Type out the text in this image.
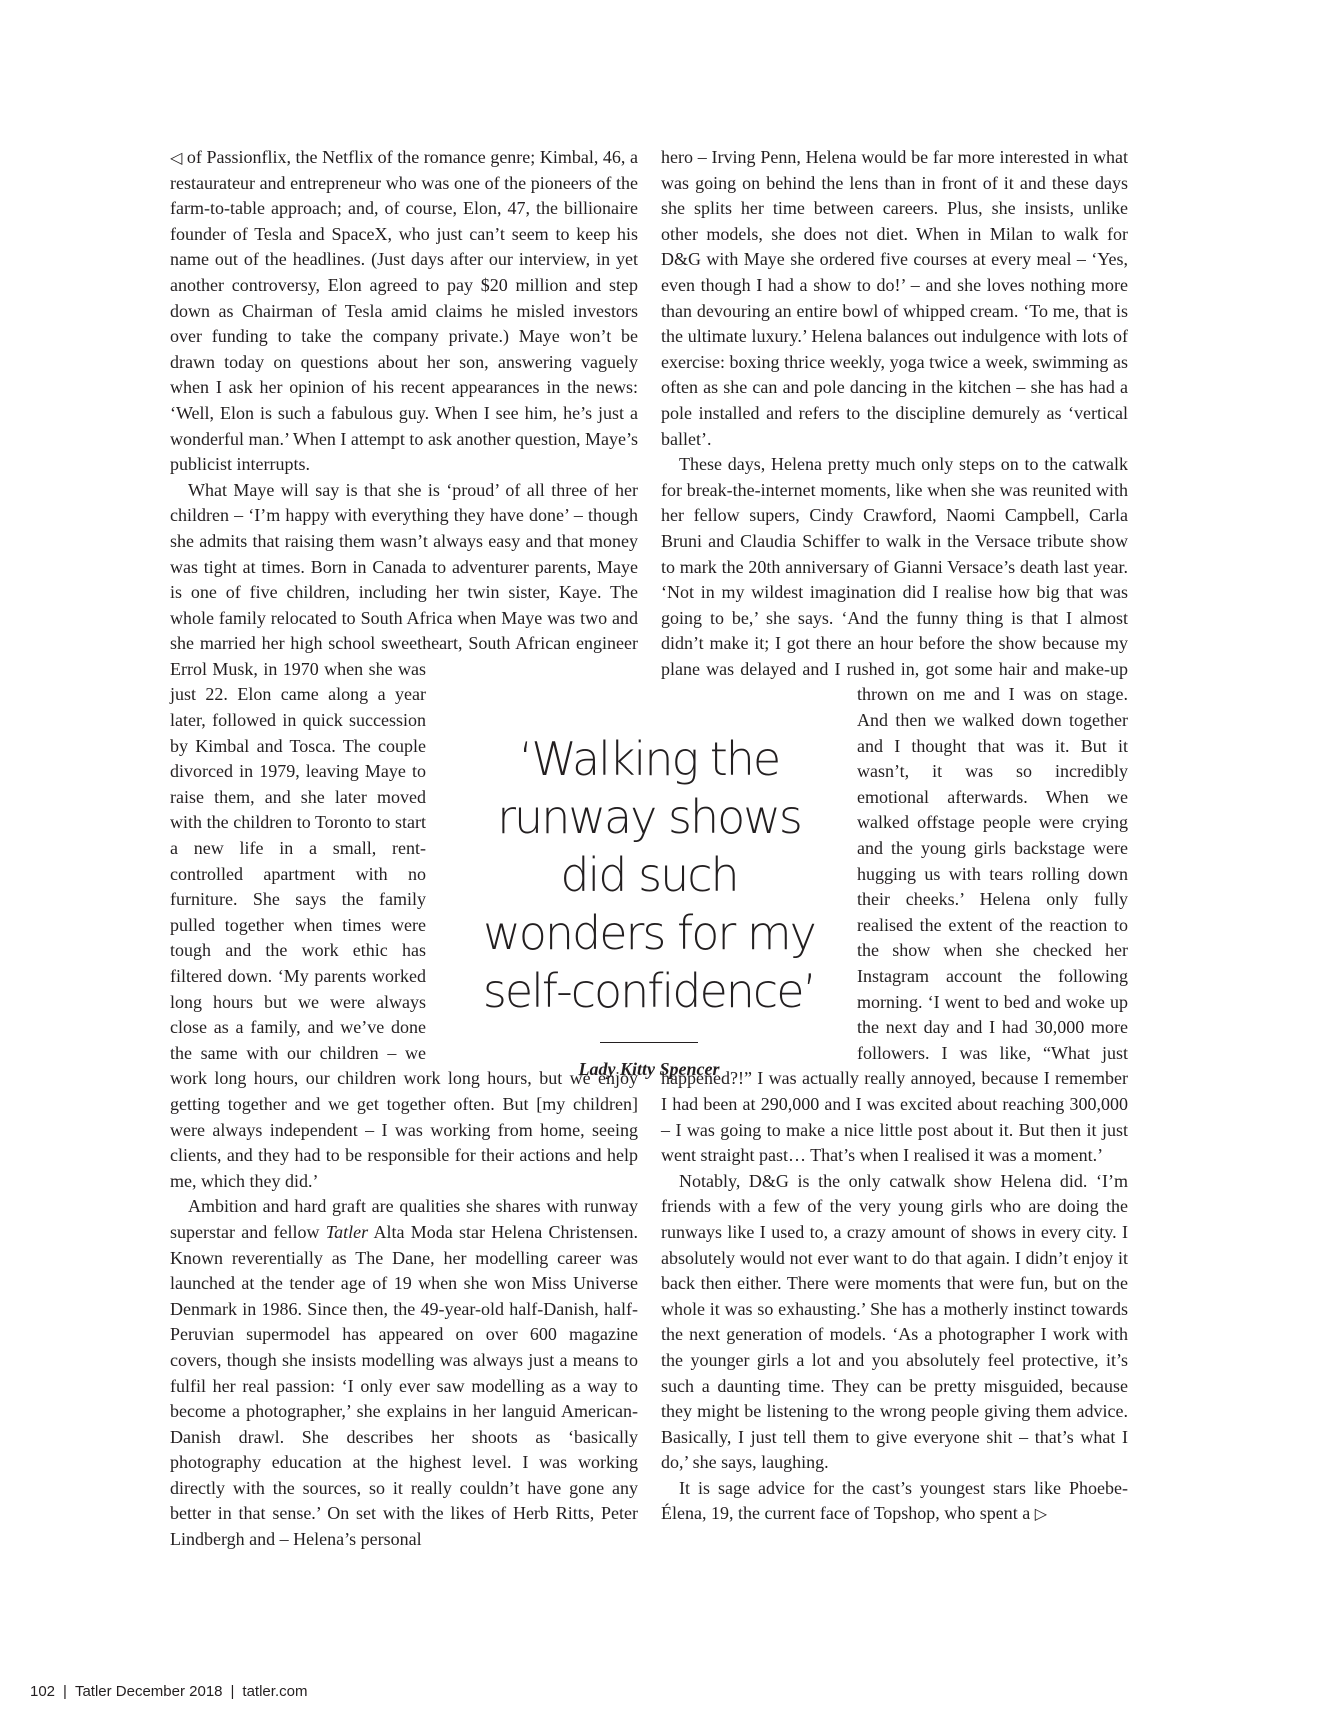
◁ of Passionflix, the Netflix of the romance genre; Kimbal, 46, a restaurateur and entrepreneur who was one of the pioneers of the farm-to-table approach; and, of course, Elon, 47, the billionaire founder of Tesla and SpaceX, who just can’t seem to keep his name out of the headlines. (Just days after our interview, in yet another controversy, Elon agreed to pay $20 million and step down as Chairman of Tesla amid claims he misled investors over funding to take the company private.) Maye won’t be drawn today on questions about her son, answering vaguely when I ask her opinion of his recent appearances in the news: ‘Well, Elon is such a fabulous guy. When I see him, he’s just a wonderful man.’ When I attempt to ask another question, Maye’s publicist interrupts.

What Maye will say is that she is ‘proud’ of all three of her children – ‘I’m happy with everything they have done’ – though she admits that raising them wasn’t always easy and that money was tight at times. Born in Canada to adventurer parents, Maye is one of five children, including her twin sister, Kaye. The whole family relocated to South Africa when Maye was two and she married her high school sweetheart, South African engineer Errol Musk, in
1970 when she was just 22. Elon came along a year later, followed in quick succession by Kimbal and Tosca. The couple divorced in 1979, leaving Maye to raise them, and she later moved with the children to Toronto to start a new life in a small, rent-controlled apartment with no furniture. She says the family pulled together when times were tough and the work ethic has filtered down. ‘My parents worked long hours but we were always close as a family, and we’ve done the same with our children – we work long hours, our children work long hours, but we enjoy getting together and we get together often. But [my children] were always independent – I was working from home, seeing clients, and they had to be responsible for their actions and help me, which they did.’

Ambition and hard graft are qualities she shares with runway superstar and fellow Tatler Alta Moda star Helena Christensen. Known reverentially as The Dane, her modelling career was launched at the tender age of 19 when she won Miss Universe Denmark in 1986. Since then, the 49-year-old half-Danish, half-Peruvian supermodel has appeared on over 600 magazine covers, though she insists modelling was always just a means to fulfil her real passion: ‘I only ever saw modelling as a way to become a photographer,’ she explains in her languid American-Danish drawl. She describes her shoots as ‘basically photography education at the highest level. I was working directly with the sources, so it really couldn’t have gone any better in that sense.’ On set with the likes of Herb Ritts, Peter Lindbergh and – Helena’s personal

hero – Irving Penn, Helena would be far more interested in what was going on behind the lens than in front of it and these days she splits her time between careers. Plus, she insists, unlike other models, she does not diet. When in Milan to walk for D&G with Maye she ordered five courses at every meal – ‘Yes, even though I had a show to do!’ – and she loves nothing more than devouring an entire bowl of whipped cream. ‘To me, that is the ultimate luxury.’ Helena balances out indulgence with lots of exercise: boxing thrice weekly, yoga twice a week, swimming as often as she can and pole dancing in the kitchen – she has had a pole installed and refers to the discipline demurely as ‘vertical ballet’.

These days, Helena pretty much only steps on to the catwalk for break-the-internet moments, like when she was reunited with her fellow supers, Cindy Crawford, Naomi Campbell, Carla Bruni and Claudia Schiffer to walk in the Versace tribute show to mark the 20th anniversary of Gianni Versace’s death last year. ‘Not in my wildest imagination did I realise how big that was going to be,’ she says. ‘And the funny thing is that I almost didn’t make it; I got there an hour before the show because my plane was delayed and I rushed in, got some hair and
make-up thrown on me and I was on stage. And then we walked down together and I thought that was it. But it wasn’t, it was so incredibly emotional afterwards. When we walked offstage people were crying and the young girls backstage were hugging us with tears rolling down their cheeks.’ Helena only fully realised the extent of the reaction to the show when she checked her Instagram account the following morning. ‘I went to bed and woke up the next day and I had 30,000 more followers. I was like, “What just happened?!” I was actually really annoyed, because I remember I had been at 290,000 and I was excited about reaching 300,000 – I was going to make a nice little post about it. But then it just went straight past… That’s when I realised it was a moment.’

Notably, D&G is the only catwalk show Helena did. ‘I’m friends with a few of the very young girls who are doing the runways like I used to, a crazy amount of shows in every city. I absolutely would not ever want to do that again. I didn’t enjoy it back then either. There were moments that were fun, but on the whole it was so exhausting.’ She has a motherly instinct towards the next generation of models. ‘As a photographer I work with the younger girls a lot and you absolutely feel protective, it’s such a daunting time. They can be pretty misguided, because they might be listening to the wrong people giving them advice. Basically, I just tell them to give everyone shit – that’s what I do,’ she says, laughing.

It is sage advice for the cast’s youngest stars like Phoebe-Élena, 19, the current face of Topshop, who spent a ▷

‘Walking the runway shows did such wonders for my self-confidence’

Lady Kitty Spencer
102 | Tatler December 2018 | tatler.com
